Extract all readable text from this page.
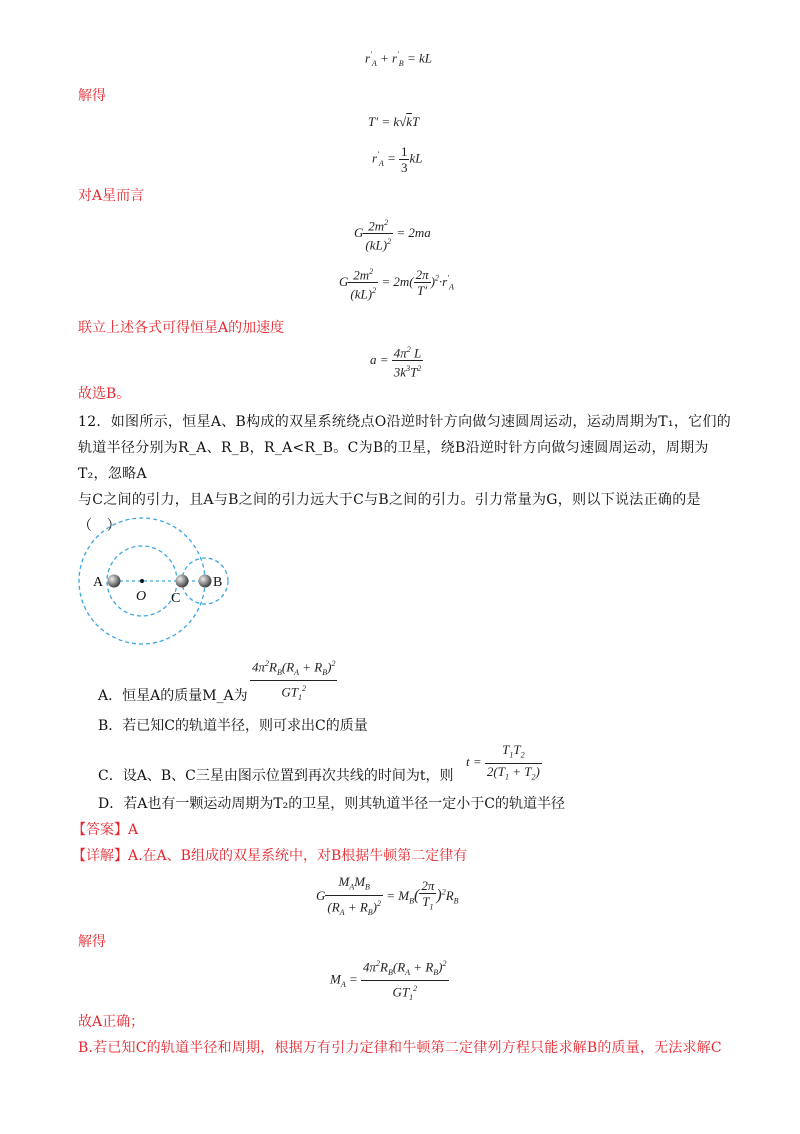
$r'_A + r'_B$ = kL
解得
T′ = k√kT
$r'_A = \frac{1}{3}$ kL
对A星而言
G $\frac{2m^2}{(kL)^2} = 2ma$
G $\frac{2m^2}{(kL)^2} = 2m( \frac{2\pi}{T'} )^2\cdot r'_A$
联立上述各式可得恒星A的加速度
$a = \frac{4\pi^2 L}{3k^3T^2}$
故选B。
12．如图所示，恒星A、B构成的双星系统绕点O沿逆时针方向做匀速圆周运动，运动周期为T₁，它们的
轨道半径分别为R_A、R_B，R_A<R_B。C为B的卫星，绕B沿逆时针方向做匀速圆周运动，周期为T₂，忽略A
与C之间的引力，且A与B之间的引力远大于C与B之间的引力。引力常量为G，则以下说法正确的是
（　）
A
O C
B
$\frac{4\pi^2R_B(R_A + R_B)^2}{GT_1^2}$
A．恒星A的质量M_A为
B．若已知C的轨道半径，则可求出C的质量
$t = \frac{T_1T_2}{2(T_1 + T_2)}$
C．设A、B、C三星由图示位置到再次共线的时间为t，则
D．若A也有一颗运动周期为T₂的卫星，则其轨道半径一定小于C的轨道半径
【答案】A
【详解】A.在A、B组成的双星系统中，对B根据牛顿第二定律有
G $\frac{M_AM_B}{(R_A + R_B)^2} = M_B( \frac{2\pi}{T_1} )^2R_B$
解得
$M_A = \frac{4\pi^2R_B(R_A + R_B)^2}{GT_1^2}$
故A正确；
B.若已知C的轨道半径和周期，根据万有引力定律和牛顿第二定律列方程只能求解B的质量，无法求解C
